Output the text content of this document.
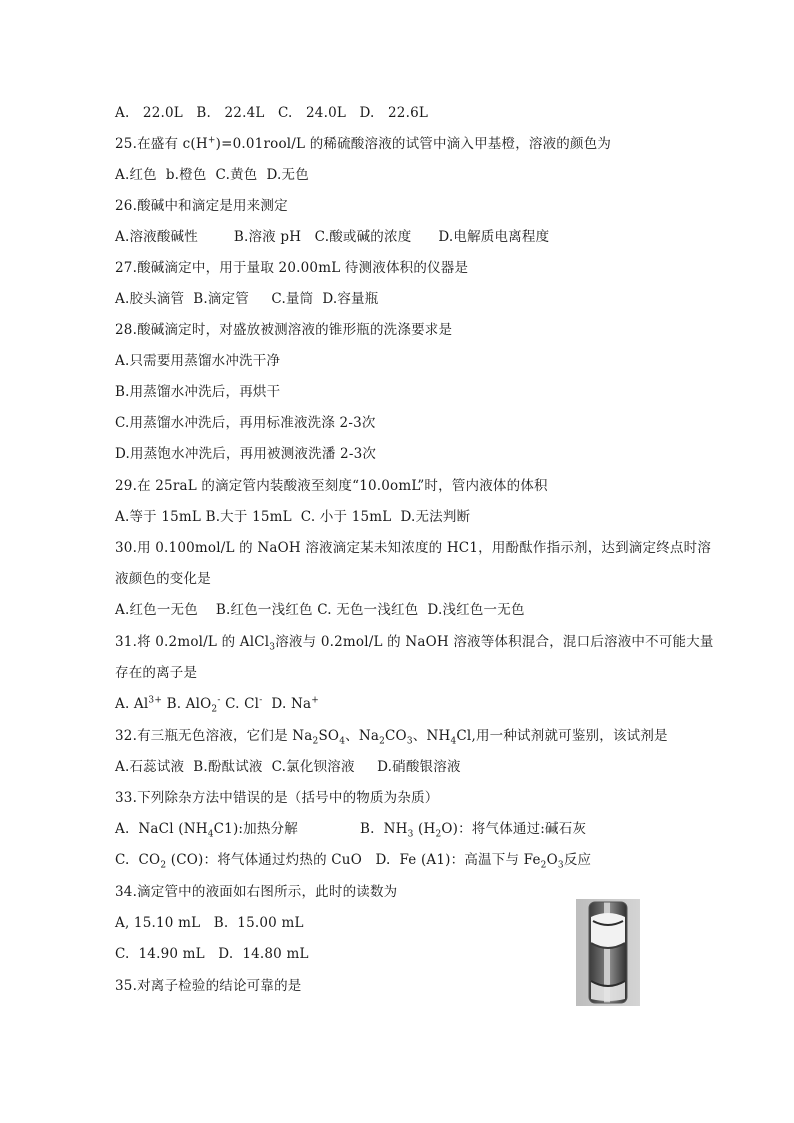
A.   22.0L   B.   22.4L   C.   24.0L   D.   22.6L
25.在盛有 c(H+)=0.01rool/L 的稀硫酸溶液的试管中滴入甲基橙，溶液的颜色为
A.红色  b.橙色  C.黄色  D.无色
26.酸碱中和滴定是用来测定
A.溶液酸碱性        B.溶液 pH   C.酸或碱的浓度      D.电解质电离程度
27.酸碱滴定中，用于量取 20.00mL 待测液体积的仪器是
A.胶头滴管  B.滴定管     C.量筒  D.容量瓶
28.酸碱滴定时，对盛放被测溶液的锥形瓶的洗涤要求是
A.只需要用蒸馏水冲洗干净
B.用蒸馏水冲洗后，再烘干
C.用蒸馏水冲洗后，再用标准液洗涤 2-3次
D.用蒸饱水冲洗后，再用被测液洗潘 2-3次
29.在 25raL 的滴定管内装酸液至刻度“10.0omL”时，管内液体的体积
A.等于 15mL B.大于 15mL  C. 小于 15mL  D.无法判断
30.用 0.100mol/L 的 NaOH 溶液滴定某未知浓度的 HC1，用酚酞作指示剂，达到滴定终点时溶
液颜色的变化是
A.红色一无色    B.红色一浅红色 C. 无色一浅红色  D.浅红色一无色
31.将 0.2mol/L 的 AlCl$_3$溶液与 0.2mol/L 的 NaOH 溶液等体积混合，混口后溶液中不可能大量
存在的离子是
A. $Al^{3+}$ B. AlO$_2$- C. Cl-  D. Na+
32.有三瓶无色溶液，它们是 $Na_2SO_4$、$Na_2CO_3$、$NH_4Cl$,用一种试剂就可鉴别，该试剂是
A.石蕊试液  B.酚酞试液  C.氯化钡溶液     D.硝酸银溶液
33.下列除杂方法中错误的是（括号中的物质为杂质）
A.  NaCl $(NH_4C1)$:加热分解	B.  $NH_3$ $(H_2O)$：将气体通过:碱石灰
C.  $CO_2$ (CO)：将气体通过灼热的 CuO   D.  Fe (A1)：高温下与 $Fe_2O_3$反应
34.滴定管中的液面如右图所示，此时的读数为
A, 15.10 mL   B.  15.00 mL
C.  14.90 mL   D.  14.80 mL
35.对离子检验的结论可靠的是
